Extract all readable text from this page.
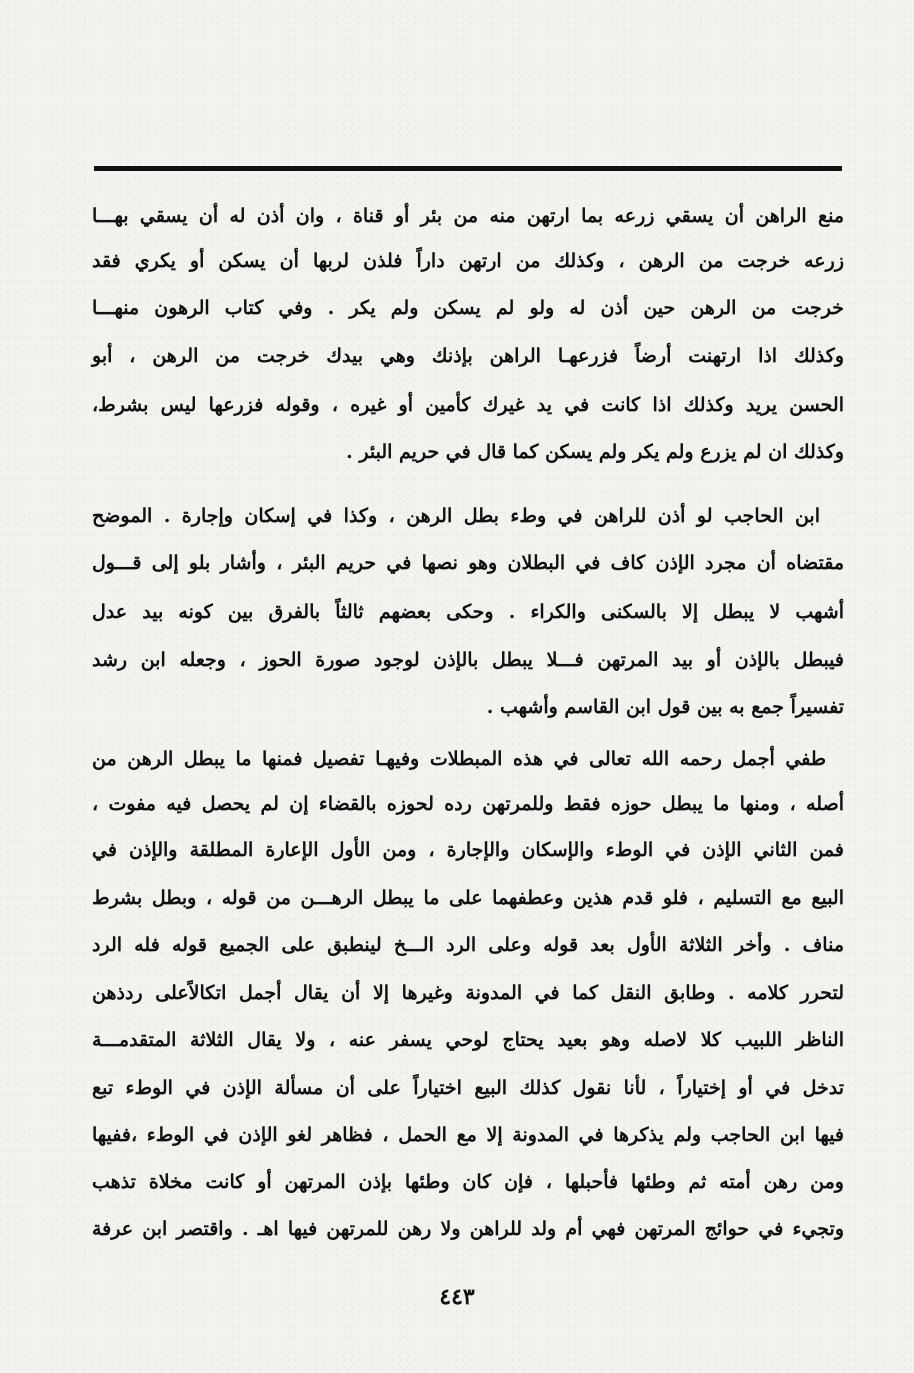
منع الراهن أن يسقي زرعه بما ارتهن منه من بئر أو قناة ، وان أذن له أن يسقي بهـــا
زرعه خرجت من الرهن ، وكذلك من ارتهن داراً فلذن لربها أن يسكن أو يكري فقد
خرجت من الرهن حين أذن له ولو لم يسكن ولم يكر . وفي كتاب الرهون منهـــا
وكذلك اذا ارتهنت أرضاً فزرعهـا الراهن بإذنك وهي بيدك خرجت من الرهن ، أبو
الحسن يريد وكذلك اذا كانت في يد غيرك كأمين أو غيره ، وقوله فزرعها ليس بشرط،
وكذلك ان لم يزرع ولم يكر ولم يسكن كما قال في حريم البئر .
ابن الحاجب لو أذن للراهن في وطء بطل الرهن ، وكذا في إسكان وإجارة . الموضح
مقتضاه أن مجرد الإذن كاف في البطلان وهو نصها في حريم البئر ، وأشار بلو إلى قـــول
أشهب لا يبطل إلا بالسكنى والكراء . وحكى بعضهم ثالثاً بالفرق بين كونه بيد عدل
فيبطل بالإذن أو بيد المرتهن فـــلا يبطل بالإذن لوجود صورة الحوز ، وجعله ابن رشد
تفسيراً جمع به بين قول ابن القاسم وأشهب .
طفي أجمل رحمه الله تعالى في هذه المبطلات وفيهـا تفصيل فمنها ما يبطل الرهن من
أصله ، ومنها ما يبطل حوزه فقط وللمرتهن رده لحوزه بالقضاء إن لم يحصل فيه مفوت ،
فمن الثاني الإذن في الوطء والإسكان والإجارة ، ومن الأول الإعارة المطلقة والإذن في
البيع مع التسليم ، فلو قدم هذين وعطفهما على ما يبطل الرهـــن من قوله ، وبطل بشرط
مناف . وأخر الثلاثة الأول بعد قوله وعلى الرد الـــخ لينطبق على الجميع قوله فله الرد
لتحرر كلامه . وطابق النقل كما في المدونة وغيرها إلا أن يقال أجمل اتكالاًعلى ردذهن
الناظر اللبيب كلا لاصله وهو بعيد يحتاج لوحي يسفر عنه ، ولا يقال الثلاثة المتقدمـــة
تدخل في أو إختياراً ، لأنا نقول كذلك البيع اختياراً على أن مسألة الإذن في الوطء تبع
فيها ابن الحاجب ولم يذكرها في المدونة إلا مع الحمل ، فظاهر لغو الإذن في الوطء ،ففيها
ومن رهن أمته ثم وطئها فأحبلها ، فإن كان وطئها بإذن المرتهن أو كانت مخلاة تذهب
وتجيء في حوائج المرتهن فهي أم ولد للراهن ولا رهن للمرتهن فيها اهـ . واقتصر ابن عرفة
٤٤٣
